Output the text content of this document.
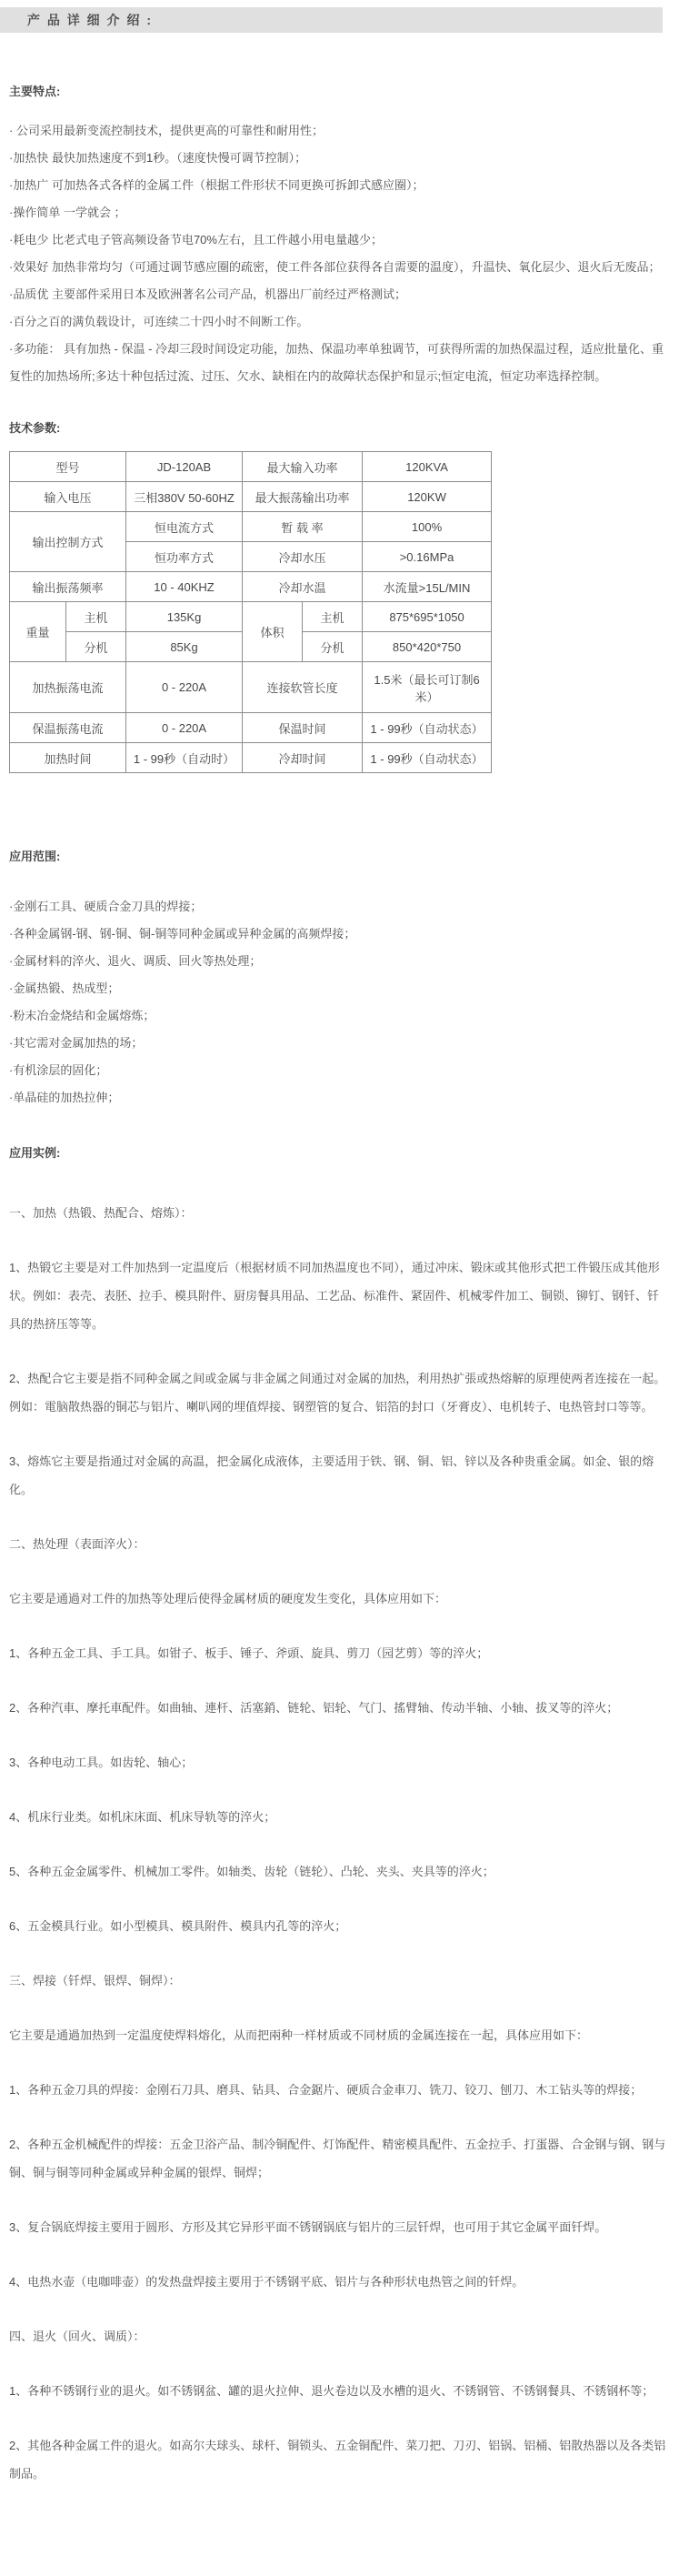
产 品 详 细 介 绍 :
主要特点:

· 公司采用最新变流控制技术，提供更高的可靠性和耐用性；

·加热快 最快加热速度不到1秒。（速度快慢可调节控制）；

·加热广 可加热各式各样的金属工件（根据工件形状不同更换可拆卸式感应圈）；

·操作简单 一学就会 ；

·耗电少 比老式电子管高频设备节电70%左右，且工件越小用电量越少；

·效果好 加热非常均匀（可通过调节感应圈的疏密，使工件各部位获得各自需要的温度），升温快、氧化层少、退火后无废品；

·品质优 主要部件采用日本及欧洲著名公司产品，机器出厂前经过严格测试；

·百分之百的满负载设计，可连续二十四小时不间断工作。

·多功能： 具有加热 - 保温 - 冷却三段时间设定功能，加热、保温功率单独调节，可获得所需的加热保温过程，适应批量化、重复性的加热场所;多达十种包括过流、过压、欠水、缺相在内的故障状态保护和显示;恒定电流，恒定功率选择控制。

技术参数:
型号		JD-120AB	最大输入功率		120KVA
输入电压		三相380V 50-60HZ	最大振荡输出功率		120KW
输出控制方式		恒电流方式	暂 载 率		100%
		恒功率方式	冷却水压		>0.16MPa
输出振荡频率		10 - 40KHZ	冷却水温		水流量>15L/MIN
重量	主机	135Kg	体积	主机	875*695*1050
	分机	85Kg		分机	850*420*750
加热振荡电流		0 - 220A	连接软管长度		1.5米（最长可订制6米）
保温振荡电流		0 - 220A	保温时间		1 - 99秒（自动状态）
加热时间		1 - 99秒（自动时）	冷却时间		1 - 99秒（自动状态）
应用范围:

·金刚石工具、硬质合金刀具的焊接；

·各种金属钢-钢、钢-铜、铜-铜等同种金属或异种金属的高频焊接；

·金属材料的淬火、退火、调质、回火等热处理；

·金属热锻、热成型；

·粉末冶金烧结和金属熔炼；

·其它需对金属加热的场；

·有机涂层的固化；

·单晶硅的加热拉伸；

应用实例:

一、加热（热锻、热配合、熔炼）：

1、热锻它主要是对工件加热到一定温度后（根据材质不同加热温度也不同），通过冲床、锻床或其他形式把工件锻压成其他形状。例如：表壳、表胚、拉手、模具附件、厨房餐具用品、工艺品、标准件、紧固件、机械零件加工、铜锁、铆钉、钢钎、钎具的热挤压等等。

2、热配合它主要是指不同种金属之间或金属与非金属之间通过对金属的加热，利用热扩張或热熔解的原理使两者连接在一起。例如：電脑散热器的铜芯与铝片、喇叭网的埋值焊接、钢塑管的复合、铝箔的封口（牙膏皮）、电机转子、电热管封口等等。

3、熔炼它主要是指通过对金属的高温，把金属化成液体，主要适用于铁、钢、铜、铝、锌以及各种贵重金属。如金、银的熔化。

二、热处理（表面淬火）：

它主要是通過对工件的加热等处理后使得金属材质的硬度发生变化，具体应用如下：

1、各种五金工具、手工具。如钳子、板手、锤子、斧頭、旋具、剪刀（园艺剪）等的淬火；

2、各种汽車、摩托車配件。如曲轴、連杆、活塞銷、链轮、铝轮、气门、搖臂轴、传动半轴、小轴、拔叉等的淬火；

3、各种电动工具。如齿轮、轴心；

4、机床行业类。如机床床面、机床导轨等的淬火；

5、各种五金金属零件、机械加工零件。如轴类、齿轮（链轮）、凸轮、夹头、夹具等的淬火；

6、五金模具行业。如小型模具、模具附件、模具内孔等的淬火；

三、焊接（钎焊、银焊、铜焊）：

它主要是通過加热到一定温度使焊料熔化，从而把兩种一样材质或不同材质的金属连接在一起，具体应用如下：

1、各种五金刀具的焊接：金刚石刀具、磨具、钻具、合金鋸片、硬质合金車刀、铣刀、铰刀、刨刀、木工钻头等的焊接；

2、各种五金机械配件的焊接：五金卫浴产品、制冷铜配件、灯饰配件、精密模具配件、五金拉手、打蛋器、合金钢与钢、钢与铜、铜与铜等同种金属或异种金属的银焊、铜焊；

3、复合锅底焊接主要用于圆形、方形及其它异形平面不锈钢锅底与铝片的三层钎焊，也可用于其它金属平面钎焊。

4、电热水壶（电咖啡壶）的发热盘焊接主要用于不锈钢平底、铝片与各种形状电热管之间的钎焊。

四、退火（回火、调质）：

1、各种不锈钢行业的退火。如不锈钢盆、罐的退火拉伸、退火卷边以及水槽的退火、不锈钢管、不锈钢餐具、不锈钢杯等；

2、其他各种金属工件的退火。如高尔夫球头、球杆、铜锁头、五金铜配件、菜刀把、刀刃、铝锅、铝桶、铝散热器以及各类铝制品。
